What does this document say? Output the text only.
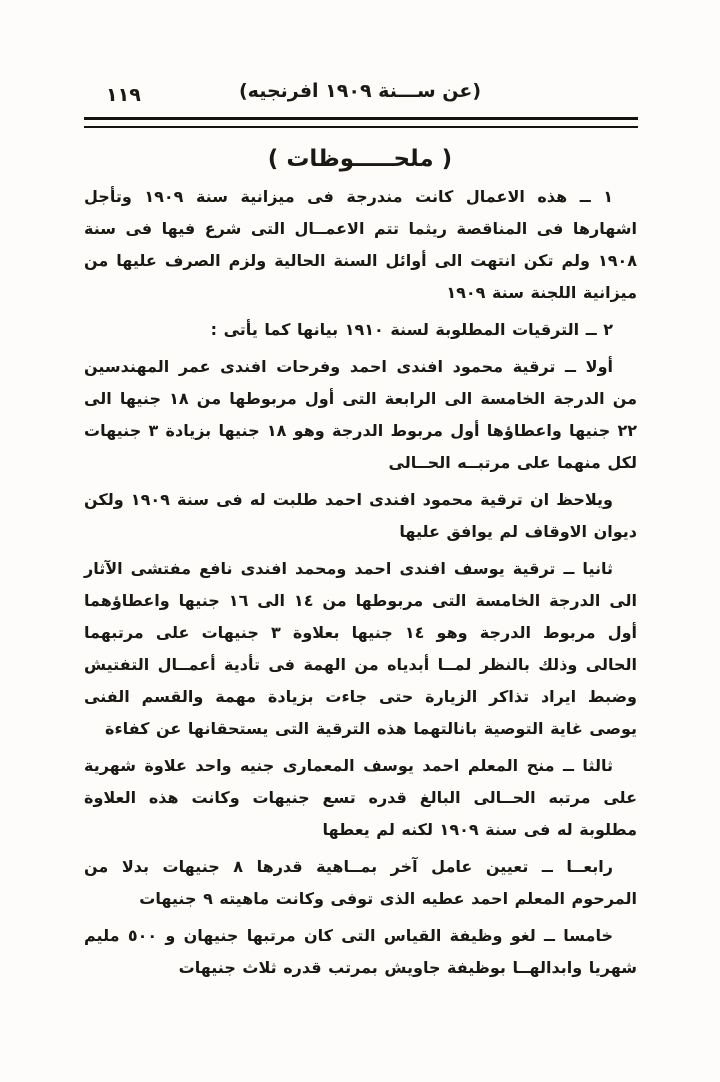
١١٩	(عن ســـنة ١٩٠٩ افرنجيه)
( ملحـــــوظات )

١ ــ هذه الاعمال كانت مندرجة فى ميزانية سنة ١٩٠٩ وتأجل اشهارها فى المناقصة ريثما تتم الاعمــال التى شرع فيها فى سنة ١٩٠٨ ولم تكن انتهت الى أوائل السنة الحالية ولزم الصرف عليها من ميزانية اللجنة سنة ١٩٠٩

٢ ــ الترقيات المطلوبة لسنة ١٩١٠ بيانها كما يأتى :

أولا ــ ترقية محمود افندى احمد وفرحات افندى عمر المهندسين من الدرجة الخامسة الى الرابعة التى أول مربوطها من ١٨ جنيها الى ٢٢ جنيها واعطاؤها أول مربوط الدرجة وهو ١٨ جنيها بزيادة ٣ جنيهات لكل منهما على مرتبــه الحــالى

ويلاحظ ان ترقية محمود افندى احمد طلبت له فى سنة ١٩٠٩ ولكن ديوان الاوقاف لم يوافق عليها

ثانيا ــ ترقية يوسف افندى احمد ومحمد افندى نافع مفتشى الآثار الى الدرجة الخامسة التى مربوطها من ١٤ الى ١٦ جنيها واعطاؤهما أول مربوط الدرجة وهو ١٤ جنيها بعلاوة ٣ جنيهات على مرتبهما الحالى وذلك بالنظر لمــا أبدياه من الهمة فى تأدية أعمــال التفتيش وضبط ايراد تذاكر الزيارة حتى جاءت بزيادة مهمة والقسم الفنى يوصى غاية التوصية بانالتهما هذه الترقية التى يستحقانها عن كفاءة

ثالثا ــ منح المعلم احمد يوسف المعمارى جنيه واحد علاوة شهرية على مرتبه الحــالى البالغ قدره تسع جنيهات وكانت هذه العلاوة مطلوبة له فى سنة ١٩٠٩ لكنه لم يعطها

رابعــا ــ تعيين عامل آخر بمــاهية قدرها ٨ جنيهات بدلا من المرحوم المعلم احمد عطيه الذى توفى وكانت ماهيته ٩ جنيهات

خامسا ــ لغو وظيفة القياس التى كان مرتبها جنيهان و ٥٠٠ مليم شهريا وابدالهــا بوظيفة جاويش بمرتب قدره ثلاث جنيهات
